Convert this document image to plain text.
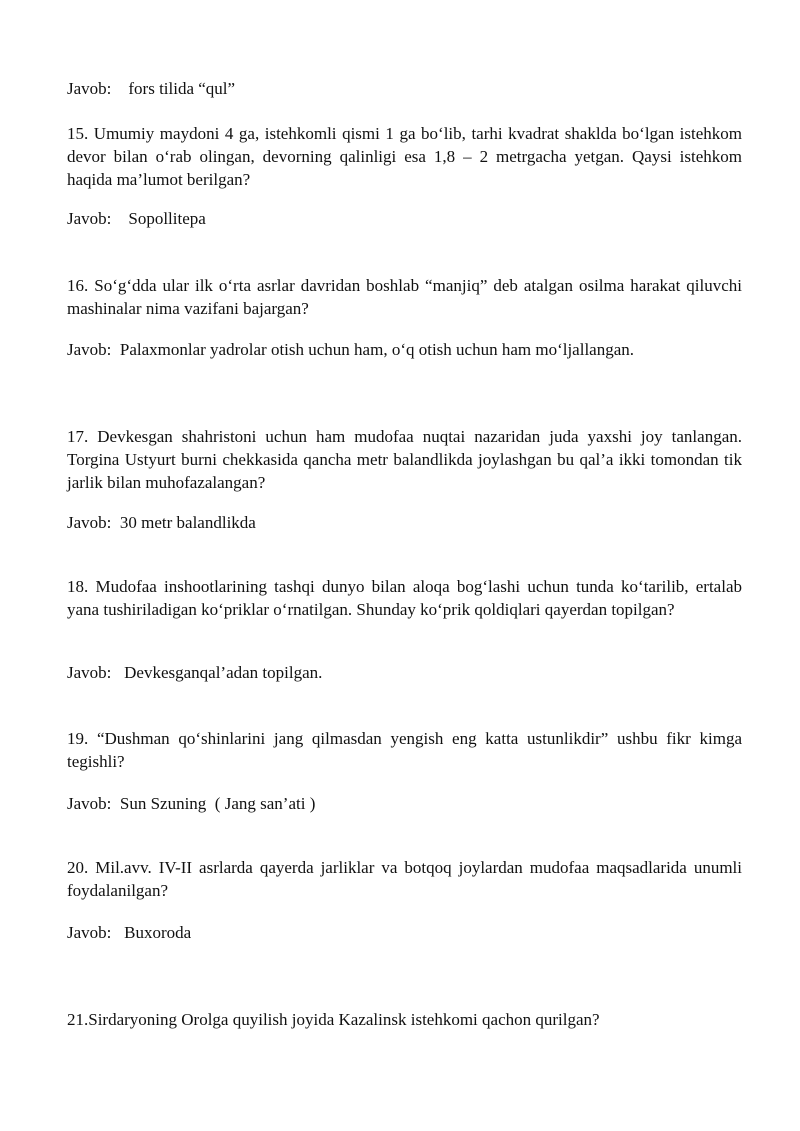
Javob:    fors tilida “qul”
15. Umumiy maydoni 4 ga, istehkomli qismi 1 ga bo‘lib, tarhi kvadrat shaklda bo‘lgan istehkom devor bilan o‘rab olingan, devorning qalinligi esa 1,8 – 2 metrgacha yetgan. Qaysi istehkom haqida ma’lumot berilgan?
Javob:    Sopollitepa
16. So‘g‘dda ular ilk o‘rta asrlar davridan boshlab “manjiq” deb atalgan osilma harakat qiluvchi mashinalar nima vazifani bajargan?
Javob:  Palaxmonlar yadrolar otish uchun ham, o‘q otish uchun ham mo‘ljallangan.
17. Devkesgan shahristoni uchun ham mudofaa nuqtai nazaridan juda yaxshi joy tanlangan. Torgina Ustyurt burni chekkasida qancha metr balandlikda joylashgan bu qal’a ikki tomondan tik jarlik bilan muhofazalangan?
Javob:  30 metr balandlikda
18. Mudofaa inshootlarining tashqi dunyo bilan aloqa bog‘lashi uchun tunda ko‘tarilib, ertalab yana tushiriladigan ko‘priklar o‘rnatilgan. Shunday ko‘prik qoldiqlari qayerdan topilgan?
Javob:   Devkesganqal’adan topilgan.
19. “Dushman qo‘shinlarini jang qilmasdan yengish eng katta ustunlikdir” ushbu fikr kimga tegishli?
Javob:  Sun Szuning  ( Jang san’ati )
20. Mil.avv. IV-II asrlarda qayerda jarliklar va botqoq joylardan mudofaa maqsadlarida unumli foydalanilgan?
Javob:   Buxoroda
21.Sirdaryoning Orolga quyilish joyida Kazalinsk istehkomi qachon qurilgan?
